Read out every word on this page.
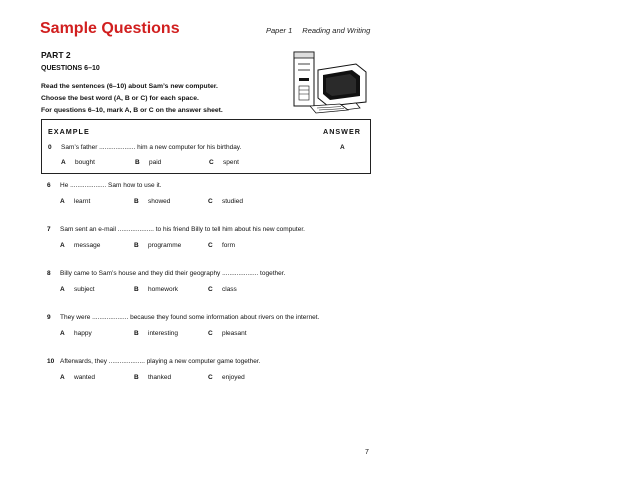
Sample Questions	Paper 1 Reading and Writing
PART 2
QUESTIONS 6–10
Read the sentences (6–10) about Sam’s new computer.
Choose the best word (A, B or C) for each space.
For questions 6–10, mark A, B or C on the answer sheet.
EXAMPLE	ANSWER
0 Sam’s father .................... him a new computer for his birthday.	A
A bought	B paid	C spent
6 He .................... Sam how to use it.
A learnt	B showed	C studied
7 Sam sent an e-mail .................... to his friend Billy to tell him about his new computer.
A message	B programme	C form
8 Billy came to Sam’s house and they did their geography .................... together.
A subject	B homework	C class
9 They were .................... because they found some information about rivers on the internet.
A happy	B interesting	C pleasant
10 Afterwards, they .................... playing a new computer game together.
A wanted	B thanked	C enjoyed
7
